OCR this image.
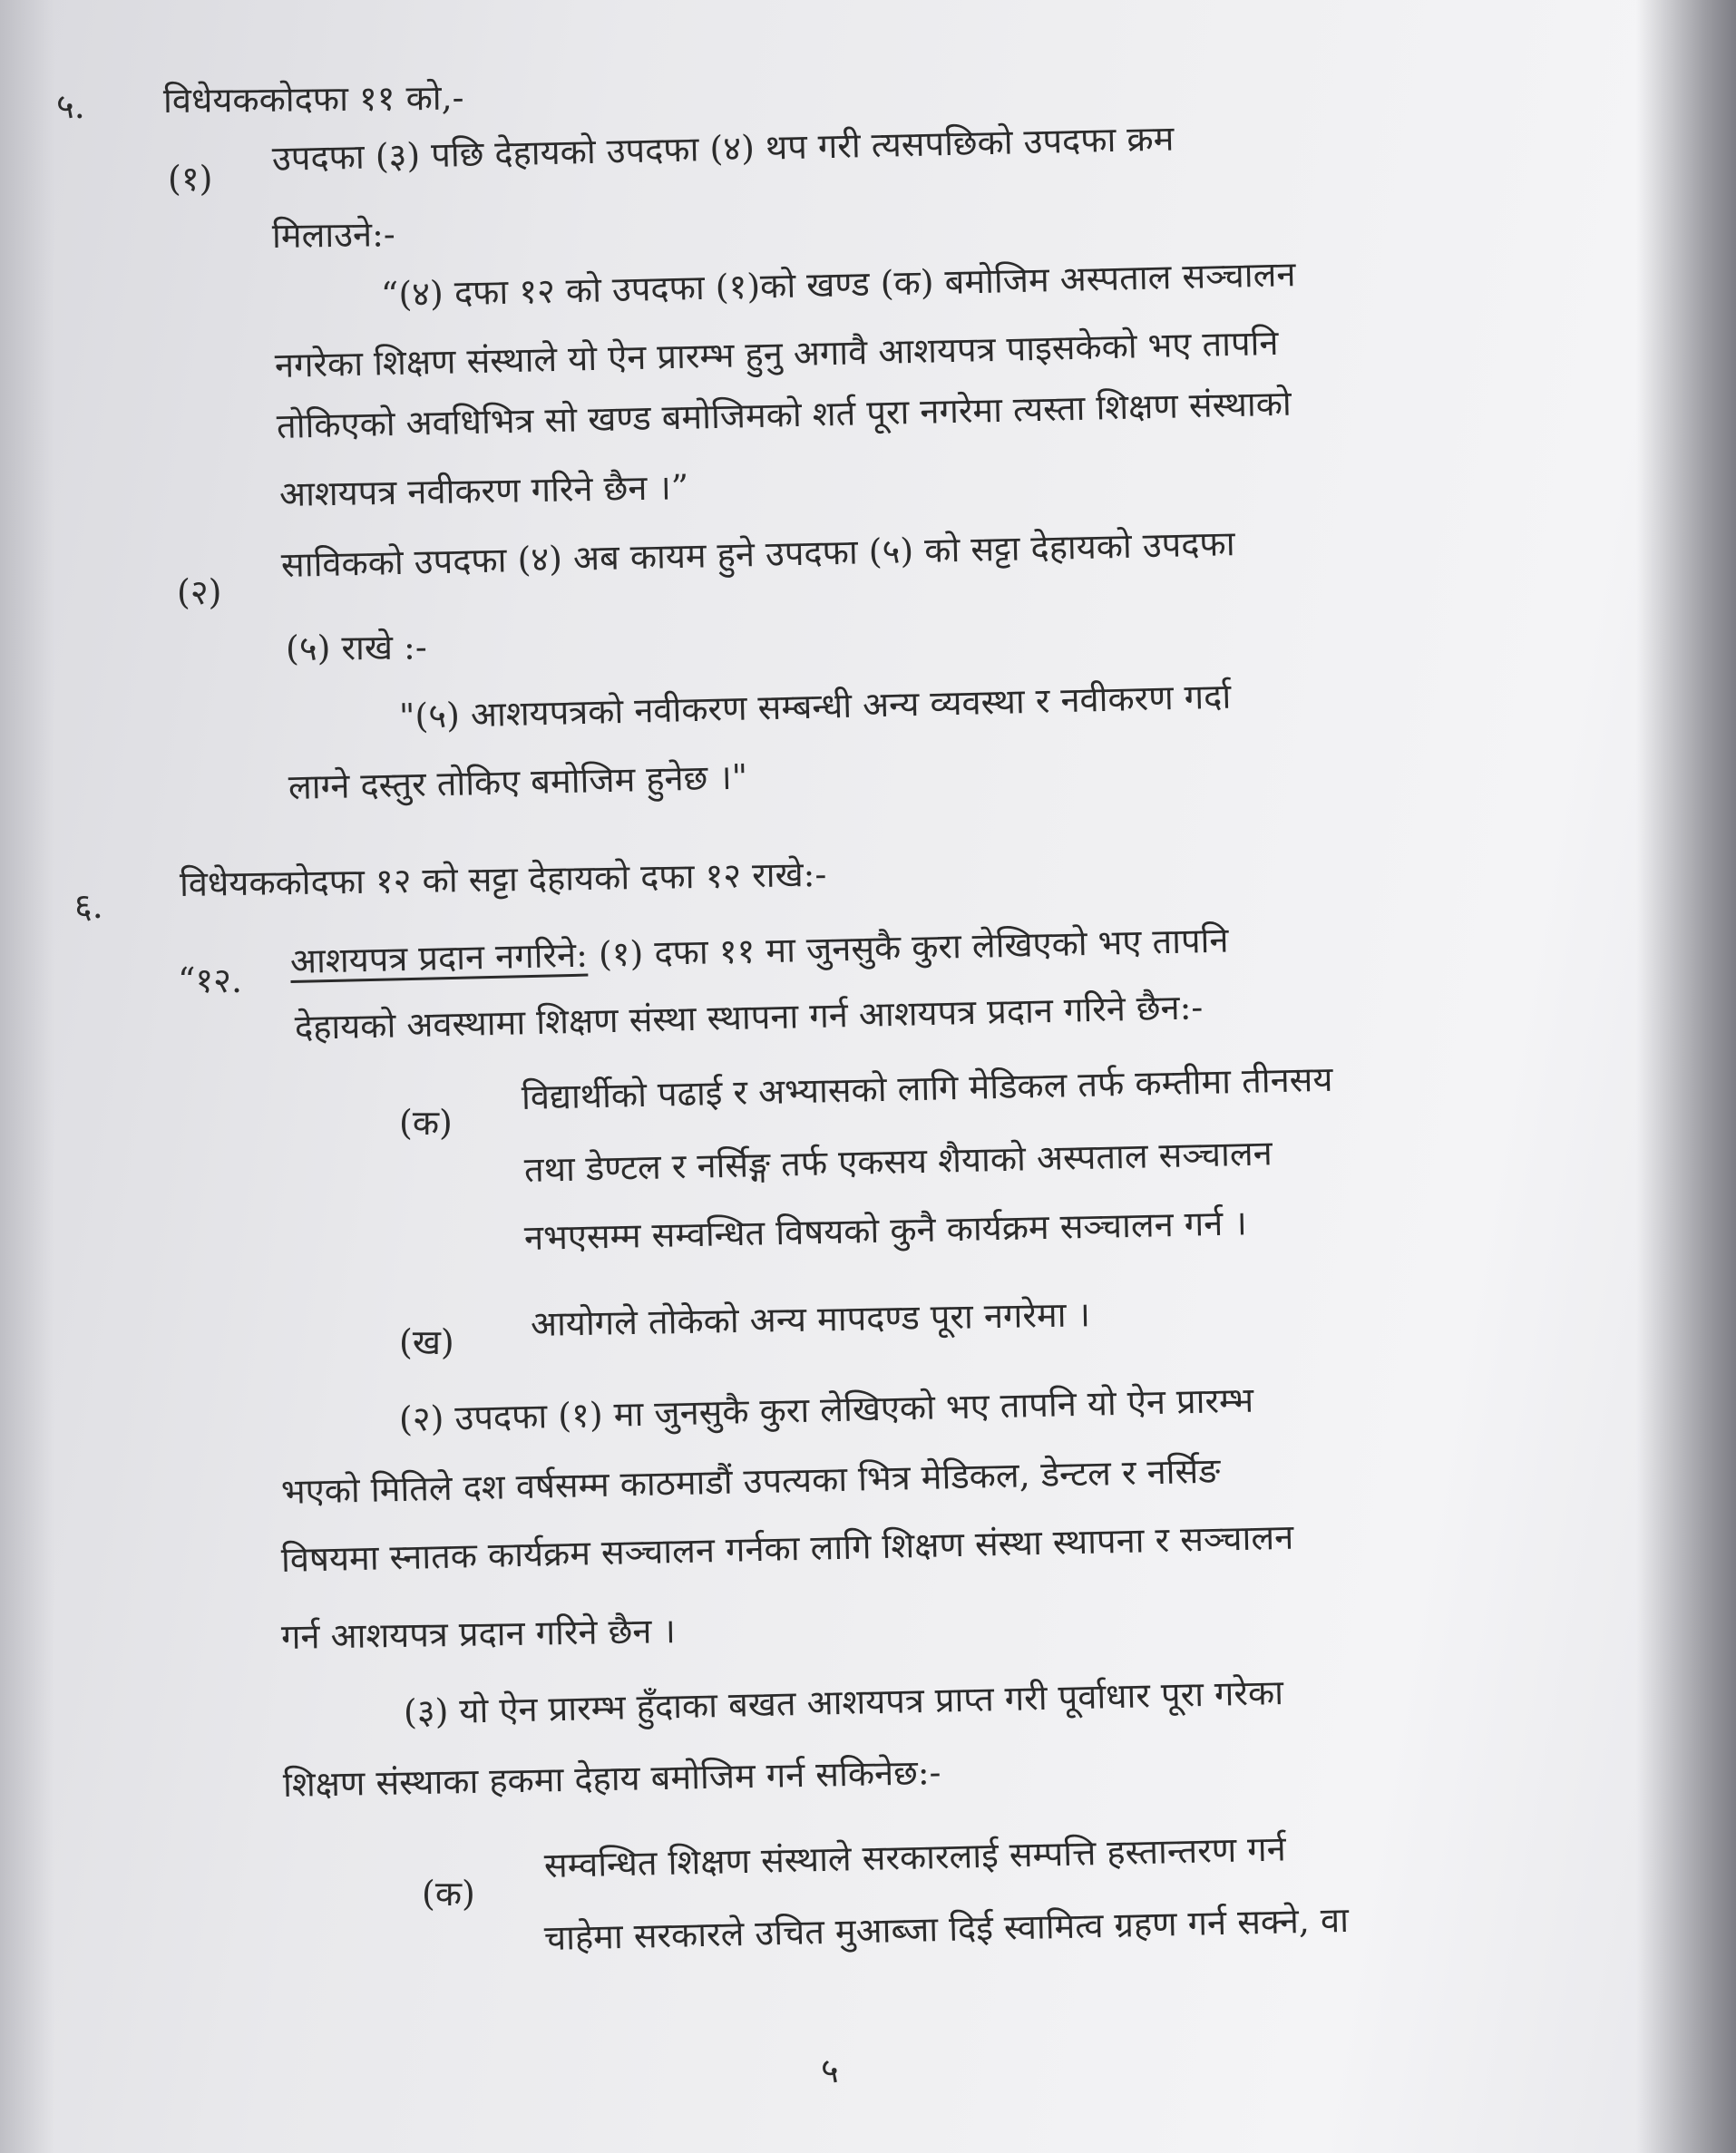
५. विधेयककोदफा ११ को,-
(१)
उपदफा (३) पछि देहायको उपदफा (४) थप गरी त्यसपछिको उपदफा क्रम
मिलाउने:-
“(४) दफा १२ को उपदफा (१)को खण्ड (क) बमोजिम अस्पताल सञ्चालन
नगरेका शिक्षण संस्थाले यो ऐन प्रारम्भ हुनु अगावै आशयपत्र पाइसकेको भए तापनि
तोकिएको अवधिभित्र सो खण्ड बमोजिमको शर्त पूरा नगरेमा त्यस्ता शिक्षण संस्थाको
आशयपत्र नवीकरण गरिने छैन ।”
(२)
साविकको उपदफा (४) अब कायम हुने उपदफा (५) को सट्टा देहायको उपदफा
(५) राखे :-
"(५) आशयपत्रको नवीकरण सम्बन्धी अन्य व्यवस्था र नवीकरण गर्दा
लाग्ने दस्तुर तोकिए बमोजिम हुनेछ ।"
६.
विधेयककोदफा १२ को सट्टा देहायको दफा १२ राखे:-
“१२. आशयपत्र प्रदान नगरिने: (१) दफा ११ मा जुनसुकै कुरा लेखिएको भए तापनि
देहायको अवस्थामा शिक्षण संस्था स्थापना गर्न आशयपत्र प्रदान गरिने छैन:-
(क)
विद्यार्थीको पढाई र अभ्यासको लागि मेडिकल तर्फ कम्तीमा तीनसय
तथा डेण्टल र नर्सिङ्ग तर्फ एकसय शैयाको अस्पताल सञ्चालन
नभएसम्म सम्वन्धित विषयको कुनै कार्यक्रम सञ्चालन गर्न ।
(ख) आयोगले तोकेको अन्य मापदण्ड पूरा नगरेमा ।
(२) उपदफा (१) मा जुनसुकै कुरा लेखिएको भए तापनि यो ऐन प्रारम्भ
भएको मितिले दश वर्षसम्म काठमाडौं उपत्यका भित्र मेडिकल, डेन्टल र नर्सिङ
विषयमा स्नातक कार्यक्रम सञ्चालन गर्नका लागि शिक्षण संस्था स्थापना र सञ्चालन
गर्न आशयपत्र प्रदान गरिने छैन ।
(३) यो ऐन प्रारम्भ हुँदाका बखत आशयपत्र प्राप्त गरी पूर्वाधार पूरा गरेका
शिक्षण संस्थाका हकमा देहाय बमोजिम गर्न सकिनेछ:-
(क)
सम्वन्धित शिक्षण संस्थाले सरकारलाई सम्पत्ति हस्तान्तरण गर्न
चाहेमा सरकारले उचित मुआब्जा दिई स्वामित्व ग्रहण गर्न सक्ने, वा
५
